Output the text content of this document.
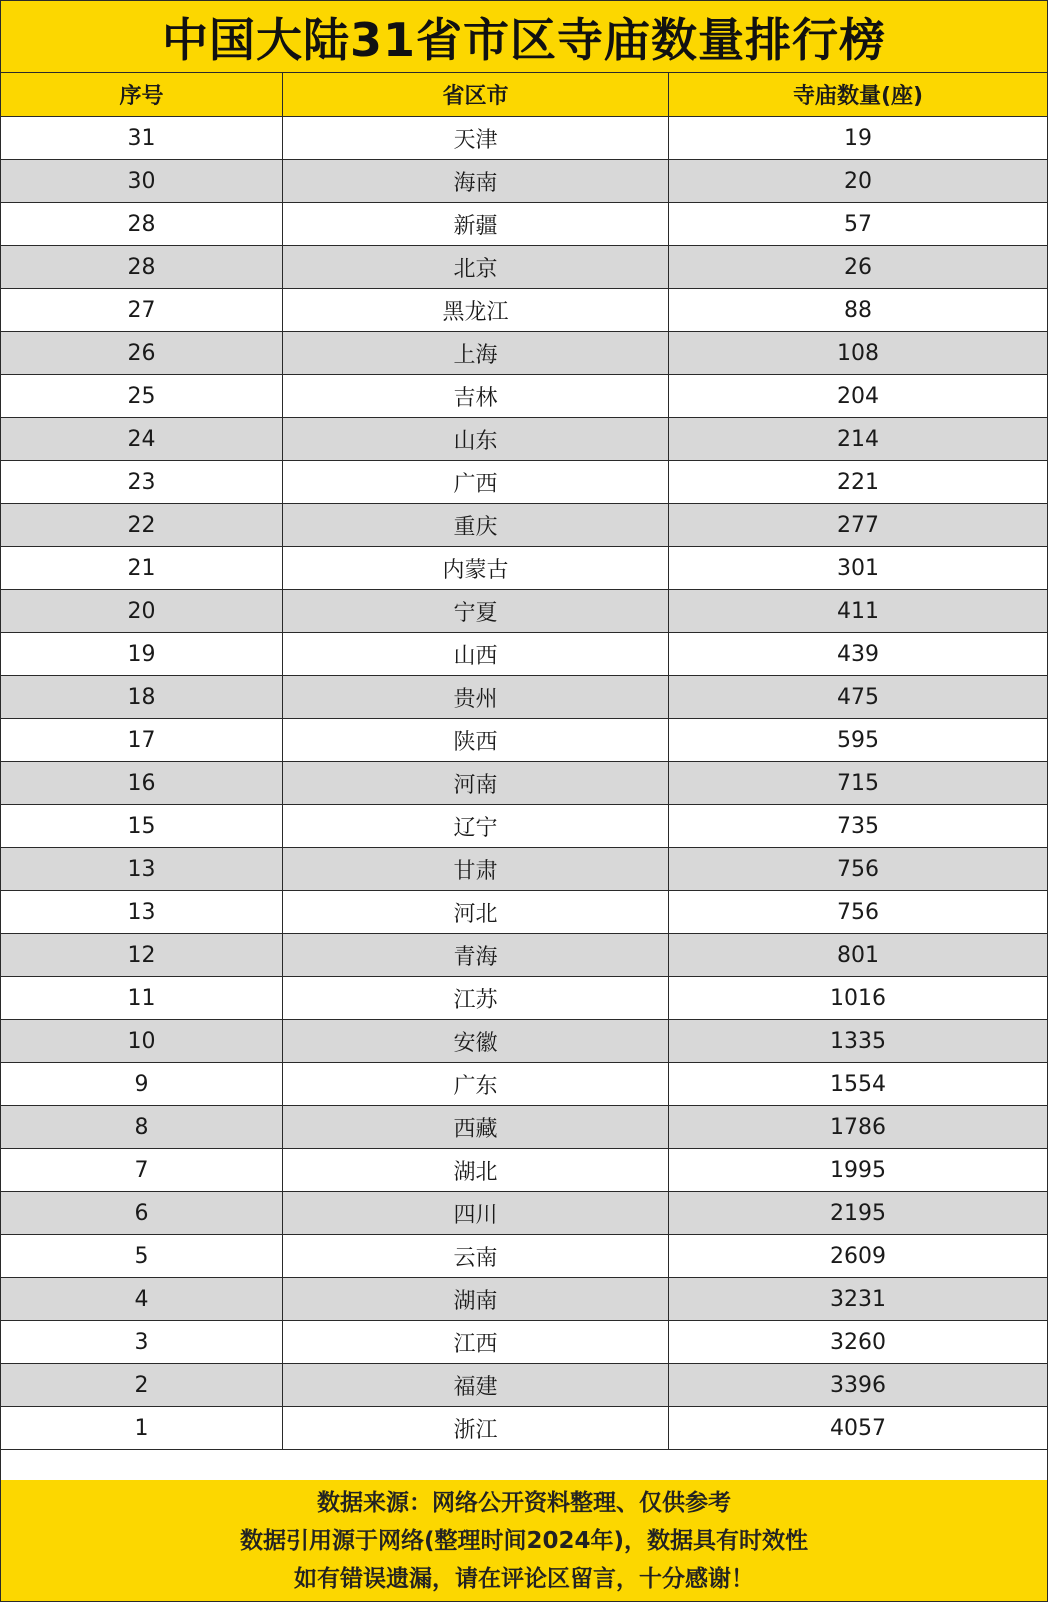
中国大陆31省市区寺庙数量排行榜
序号	省区市	寺庙数量(座)
31	天津	19
30	海南	20
28	新疆	57
28	北京	26
27	黑龙江	88
26	上海	108
25	吉林	204
24	山东	214
23	广西	221
22	重庆	277
21	内蒙古	301
20	宁夏	411
19	山西	439
18	贵州	475
17	陕西	595
16	河南	715
15	辽宁	735
13	甘肃	756
13	河北	756
12	青海	801
11	江苏	1016
10	安徽	1335
9	广东	1554
8	西藏	1786
7	湖北	1995
6	四川	2195
5	云南	2609
4	湖南	3231
3	江西	3260
2	福建	3396
1	浙江	4057
数据来源：网络公开资料整理、仅供参考
数据引用源于网络(整理时间2024年)，数据具有时效性
如有错误遗漏，请在评论区留言，十分感谢！
